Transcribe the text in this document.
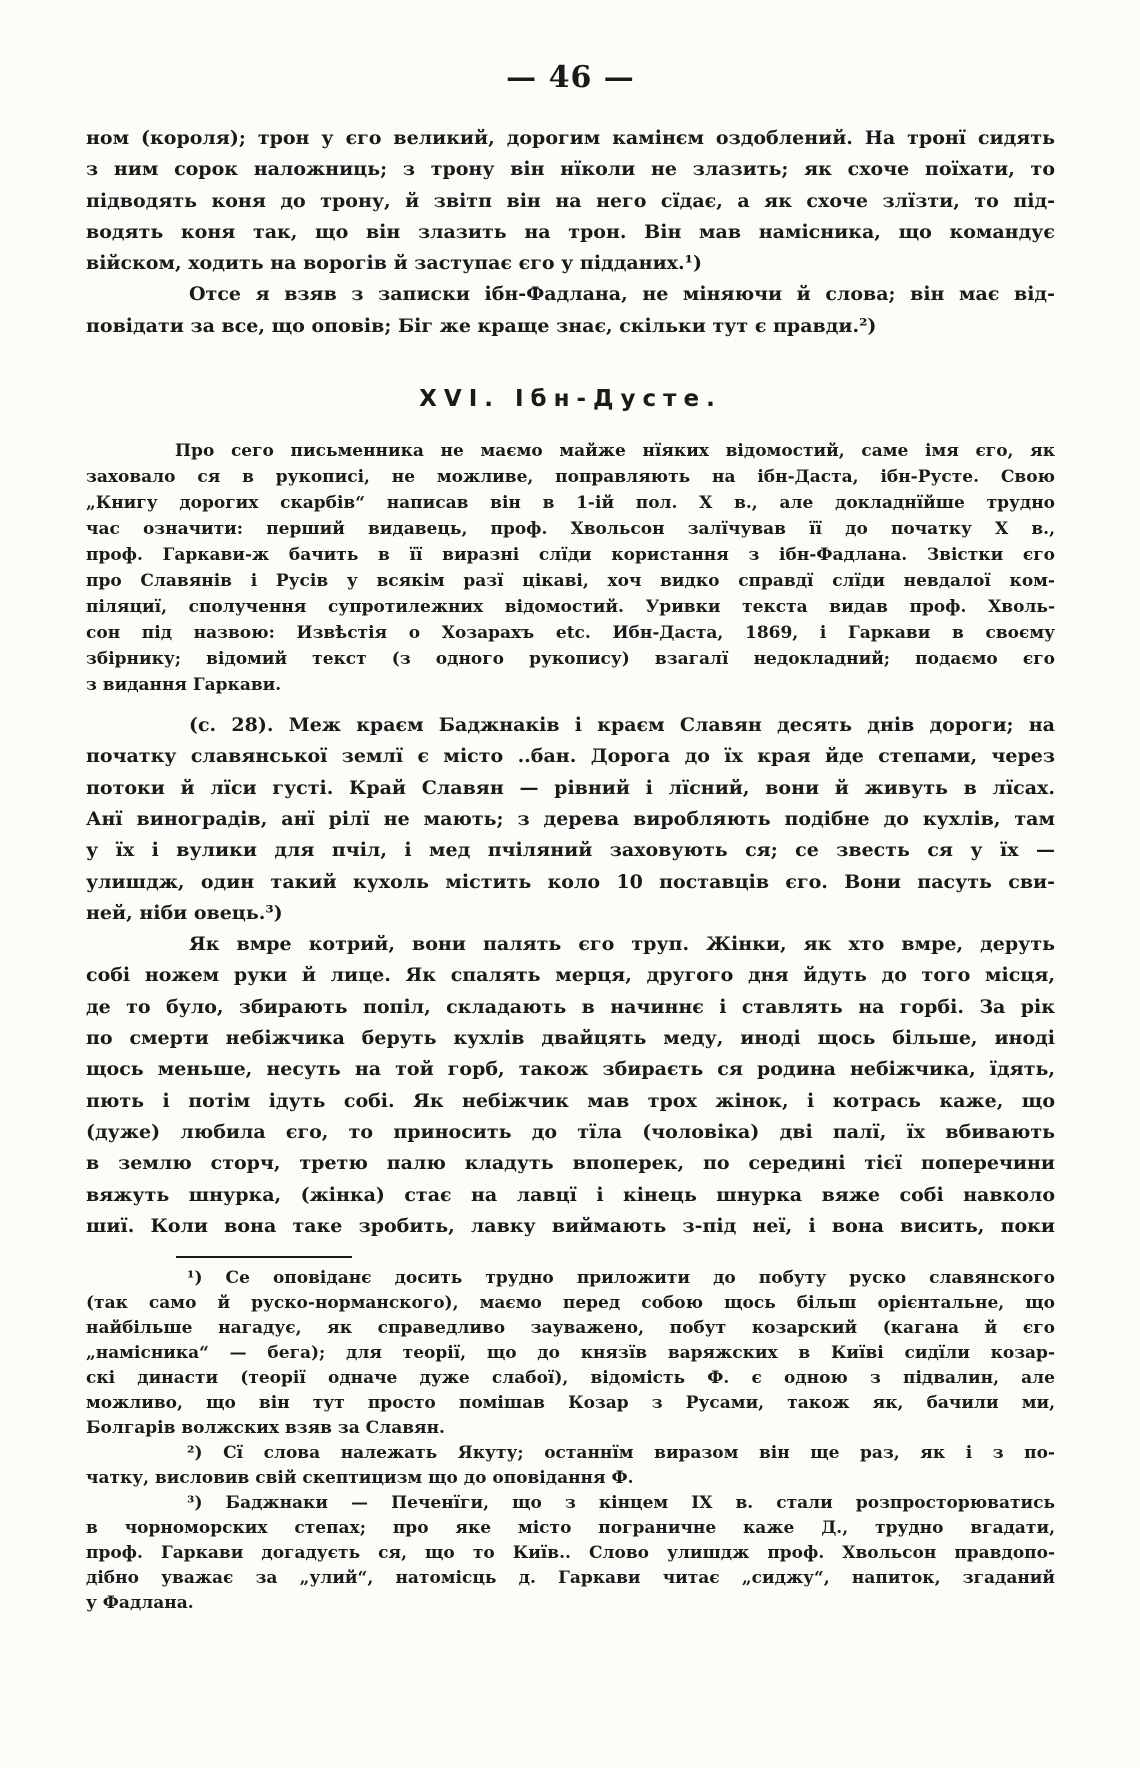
— 46 —
ном (короля); трон у єго великий, дорогим камінєм оздоблений. На тронї сидять
з ним сорок наложниць; з трону він нїколи не злазить; як схоче поїхати, то
підводять коня до трону, й звітп він на него сїдає, а як схоче злїзти, то під-
водять коня так, що він злазить на трон. Він мав намісника, що командує
війском, ходить на ворогів й заступає єго у підданих.¹)
Отсе я взяв з записки ібн-Фадлана, не міняючи й слова; він має від-
повідати за все, що оповів; Біг же краще знає, скільки тут є правди.²)
XVI. Ібн-Дусте.
Про сего письменника не маємо майже нїяких відомостий, саме імя єго, як
заховало ся в рукописі, не можливе, поправляють на ібн-Даста, ібн-Русте. Свою
„Книгу дорогих скарбів“ написав він в 1-ій пол. X в., але докладнїйше трудно
час означити: перший видавець, проф. Хвольсон залїчував її до початку X в.,
проф. Гаркави-ж бачить в її виразні слїди користання з ібн-Фадлана. Звістки єго
про Славянів і Русів у всякім разї цікаві, хоч видко справдї слїди невдалої ком-
піляциї, сполучення супротилежних відомостий. Уривки текста видав проф. Хволь-
сон під назвою: Извѣстія о Хозарахъ etc. Ибн-Даста, 1869, і Гаркави в своєму
збірнику; відомий текст (з одного рукопису) взагалї недокладний; подаємо єго
з видання Гаркави.
(с. 28). Меж краєм Баджнаків і краєм Славян десять днів дороги; на
початку славянської землї є місто ..бан. Дорога до їх края йде степами, через
потоки й лїси густі. Край Славян — рівний і лїсний, вони й живуть в лїсах.
Анї виноградів, анї рілї не мають; з дерева виробляють подібне до кухлів, там
у їх і вулики для пчіл, і мед пчіляний заховують ся; се звесть ся у їх —
улишдж, один такий кухоль містить коло 10 поставців єго. Вони пасуть сви-
ней, ніби овець.³)
Як вмре котрий, вони палять єго труп. Жінки, як хто вмре, деруть
собі ножем руки й лице. Як спалять мерця, другого дня йдуть до того місця,
де то було, збирають попіл, складають в начиннє і ставлять на горбі. За рік
по смерти небіжчика беруть кухлів двайцять меду, иноді щось більше, иноді
щось меньше, несуть на той горб, також збираєть ся родина небіжчика, їдять,
пють і потім ідуть собі. Як небіжчик мав трох жінок, і котрась каже, що
(дуже) любила єго, то приносить до тїла (чоловіка) дві палї, їх вбивають
в землю сторч, третю палю кладуть впоперек, по середині тієї поперечини
вяжуть шнурка, (жінка) стає на лавцї і кінець шнурка вяже собі навколо
шиї. Коли вона таке зробить, лавку виймають з-під неї, і вона висить, поки
¹) Се оповіданє досить трудно приложити до побуту руско славянского
(так само й руско-норманского), маємо перед собою щось більш орієнтальне, що
найбільше нагадує, як справедливо зауважено, побут козарский (кагана й єго
„намісника“ — бега); для теорії, що до князїв варяжских в Київі сидїли козар-
скі династи (теорії одначе дуже слабої), відомість Ф. є одною з підвалин, але
можливо, що він тут просто помішав Козар з Русами, також як, бачили ми,
Болгарів волжских взяв за Славян.
²) Сї слова належать Якуту; останнїм виразом він ще раз, як і з по-
чатку, висловив свій скептицизм що до оповідання Ф.
³) Баджнаки — Печенїги, що з кінцем IX в. стали розпросторюватись
в чорноморских степах; про яке місто пограничне каже Д., трудно вгадати,
проф. Гаркави догадуєть ся, що то Київ.. Слово улишдж проф. Хвольсон правдопо-
дібно уважає за „улий“, натомісць д. Гаркави читає „сиджу“, напиток, згаданий
у Фадлана.
